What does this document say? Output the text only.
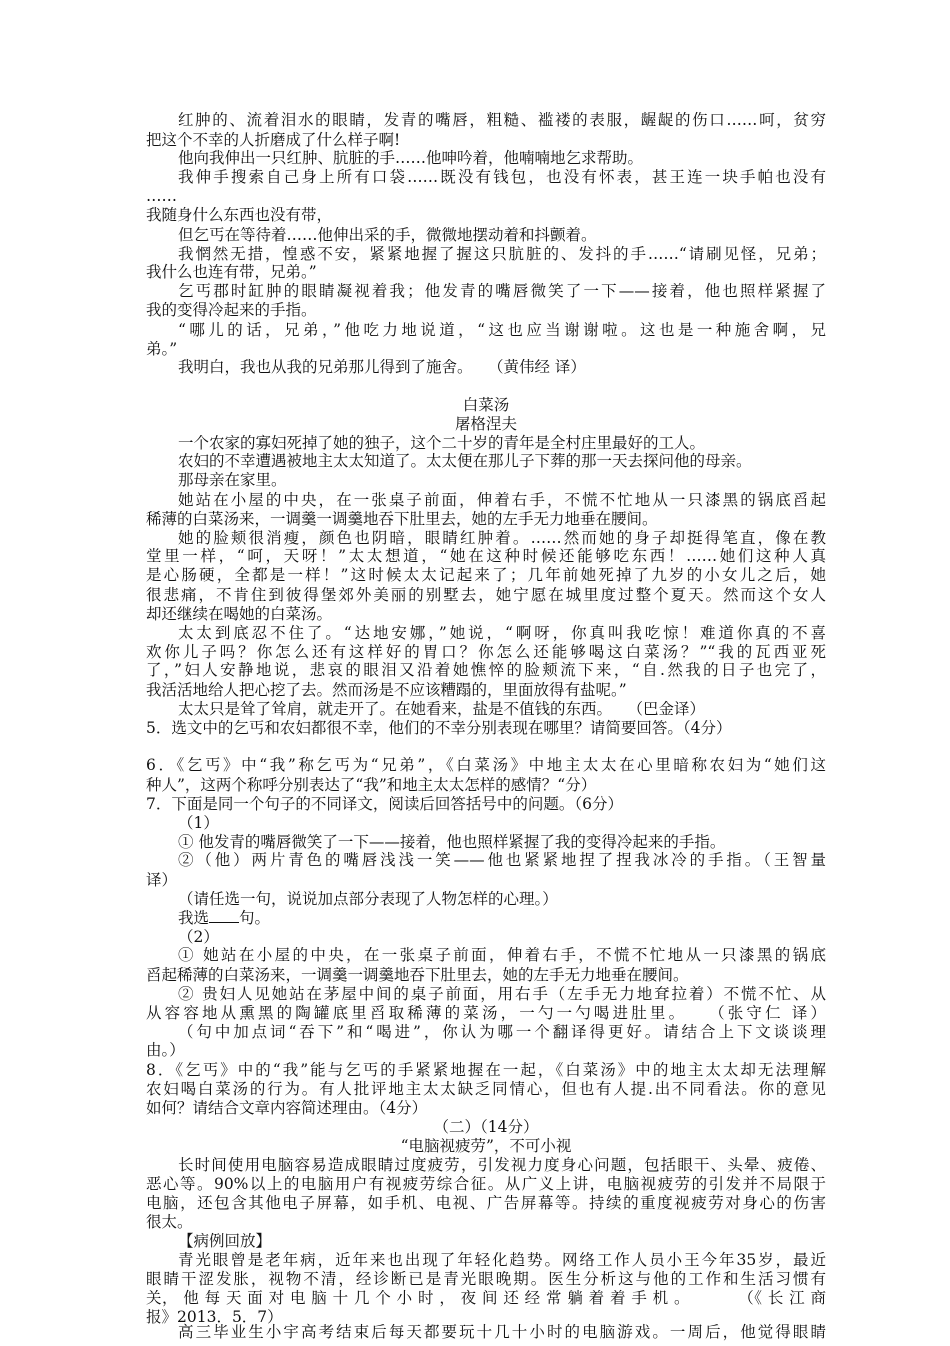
红肿的、流着泪水的眼睛，发青的嘴唇，粗糙、褴褛的表服，龌龊的伤口……呵，贫穷
把这个不幸的人折磨成了什么样子啊!
他向我伸出一只红肿、肮脏的手……他呻吟着，他喃喃地乞求帮助。
我伸手搜索自己身上所有口袋……既没有钱包，也没有怀表，甚王连一块手帕也没有
……
我随身什么东西也没有带，
但乞丐在等待着……他伸出采的手，微微地摆动着和抖颤着。
我惘然无措，惶惑不安，紧紧地握了握这只肮脏的、发抖的手……“请刷见怪，兄弟；
我什么也连有带，兄弟。”
乞丐郡时缸肿的眼睛凝视着我；他发青的嘴唇微笑了一下——接着，他也照样紧握了
我的变得冷起来的手指。
“哪儿的话，兄弟，”他吃力地说道，“这也应当谢谢啦。这也是一种施舍啊，兄
弟。”
我明白，我也从我的兄弟那儿得到了施舍。　　（黄伟经 译）
白菜汤
屠格涅夫
一个农家的寡妇死掉了她的独子，这个二十岁的青年是全村庄里最好的工人。
农妇的不幸遭遇被地主太太知道了。太太便在那儿子下葬的那一天去探问他的母亲。
那母亲在家里。
她站在小屋的中央，在一张桌子前面，伸着右手，不慌不忙地从一只漆黑的锅底舀起
稀薄的白菜汤来，一调羹一调羹地吞下肚里去，她的左手无力地垂在腰间。
她的脸颊很消瘦，颜色也阴暗，眼睛红肿着。……然而她的身子却挺得笔直，像在教
堂里一样，“呵，天呀！”太太想道，“她在这种时候还能够吃东西！……她们这种人真
是心肠硬，全都是一样！”这时候太太记起来了；几年前她死掉了九岁的小女儿之后，她
很悲痛，不肯住到彼得堡郊外美丽的别墅去，她宁愿在城里度过整个夏天。然而这个女人
却还继续在喝她的白菜汤。
太太到底忍不住了。“达地安娜，”她说，“啊呀，你真叫我吃惊！难道你真的不喜
欢你儿子吗？你怎么还有这样好的胃口？你怎么还能够喝这白菜汤？”“我的瓦西亚死
了，”妇人安静地说，悲哀的眼泪又沿着她憔悴的脸颊流下来，“自.然我的日子也完了，
我活活地给人把心挖了去。然而汤是不应该糟蹋的，里面放得有盐呢。”
太太只是耸了耸肩，就走开了。在她看来，盐是不值钱的东西。　　（巴金译）
5．选文中的乞丐和农妇都很不幸，他们的不幸分别表现在哪里？请简要回答。（4分）
6．《乞丐》中“我”称乞丐为“兄弟”，《白菜汤》中地主太太在心里暗称农妇为“她们这
种人”，这两个称呼分别表达了“我”和地主太太怎样的感情？“分）
7．下面是同一个句子的不同译文，阅读后回答括号中的问题。（6分）
（1）
① 他发青的嘴唇微笑了一下——接着，他也照样紧握了我的变得冷起来的手指。
②（他）两片青色的嘴唇浅浅一笑——他也紧紧地捏了捏我冰冷的手指。（王智量
译）
（请任选一句，说说加点部分表现了人物怎样的心理。）
我选 句。
（2）
① 她站在小屋的中央，在一张桌子前面，伸着右手，不慌不忙地从一只漆黑的锅底
舀起稀薄的白菜汤来，一调羹一调羹地吞下肚里去，她的左手无力地垂在腰间。
② 贵妇人见她站在茅屋中间的桌子前面，用右手（左手无力地耷拉着）不慌不忙、从
从容容地从熏黑的陶罐底里舀取稀薄的菜汤，一勺一勺喝进肚里。　　（张守仁 译）
（句中加点词“吞下”和“喝进”，你认为哪一个翻译得更好。请结合上下文谈谈理
由。）
8．《乞丐》中的“我”能与乞丐的手紧紧地握在一起，《白菜汤》中的地主太太却无法理解
农妇喝白菜汤的行为。有人批评地主太太缺乏同情心，但也有人提.出不同看法。你的意见
如何？请结合文章内容简述理由。（4分）
（二）（14分）
“电脑视疲劳”，不可小视
长时间使用电脑容易造成眼睛过度疲劳，引发视力度身心问题，包括眼干、头晕、疲倦、
恶心等。90%以上的电脑用户有视疲劳综合征。从广义上讲，电脑视疲劳的引发并不局限于
电脑，还包含其他电子屏幕，如手机、电视、广告屏幕等。持续的重度视疲劳对身心的伤害
很太。
【病例回放】
青光眼曾是老年病，近年来也出现了年轻化趋势。网络工作人员小王今年35岁，最近
眼睛干涩发胀，视物不清，经诊断已是青光眼晚期。医生分析这与他的工作和生活习惯有
关， 他 每 天 面 对 电 脑 十 几 个 小 时 ， 夜 间 还 经 常 躺 着 着 手 机 。　　　　（《 长 江 商
报》2013．5．7）
高三毕业生小宇高考结束后每天都要玩十几十小时的电脑游戏。一周后，他觉得眼睛
